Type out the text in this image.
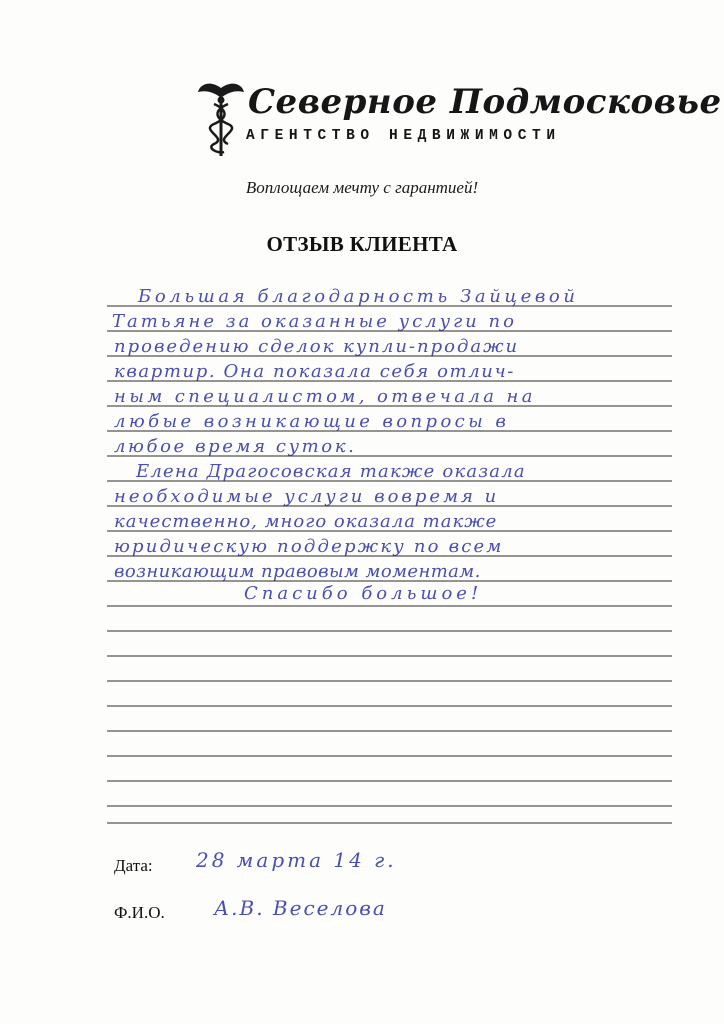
Северное Подмосковье
АГЕНТСТВО НЕДВИЖИМОСТИ
Воплощаем мечту с гарантией!
ОТЗЫВ КЛИЕНТА
Большая благодарность Зайцевой
Татьяне за оказанные услуги по
проведению сделок купли-продажи
квартир. Она показала себя отлич-
ным специалистом, отвечала на
любые возникающие вопросы в
любое время суток.
Елена Драгосовская также оказала
необходимые услуги вовремя и
качественно, много оказала также
юридическую поддержку по всем
возникающим правовым моментам.
Спасибо большое!
Дата: 28 марта 14 г.
Ф.И.О. А.В. Веселова
